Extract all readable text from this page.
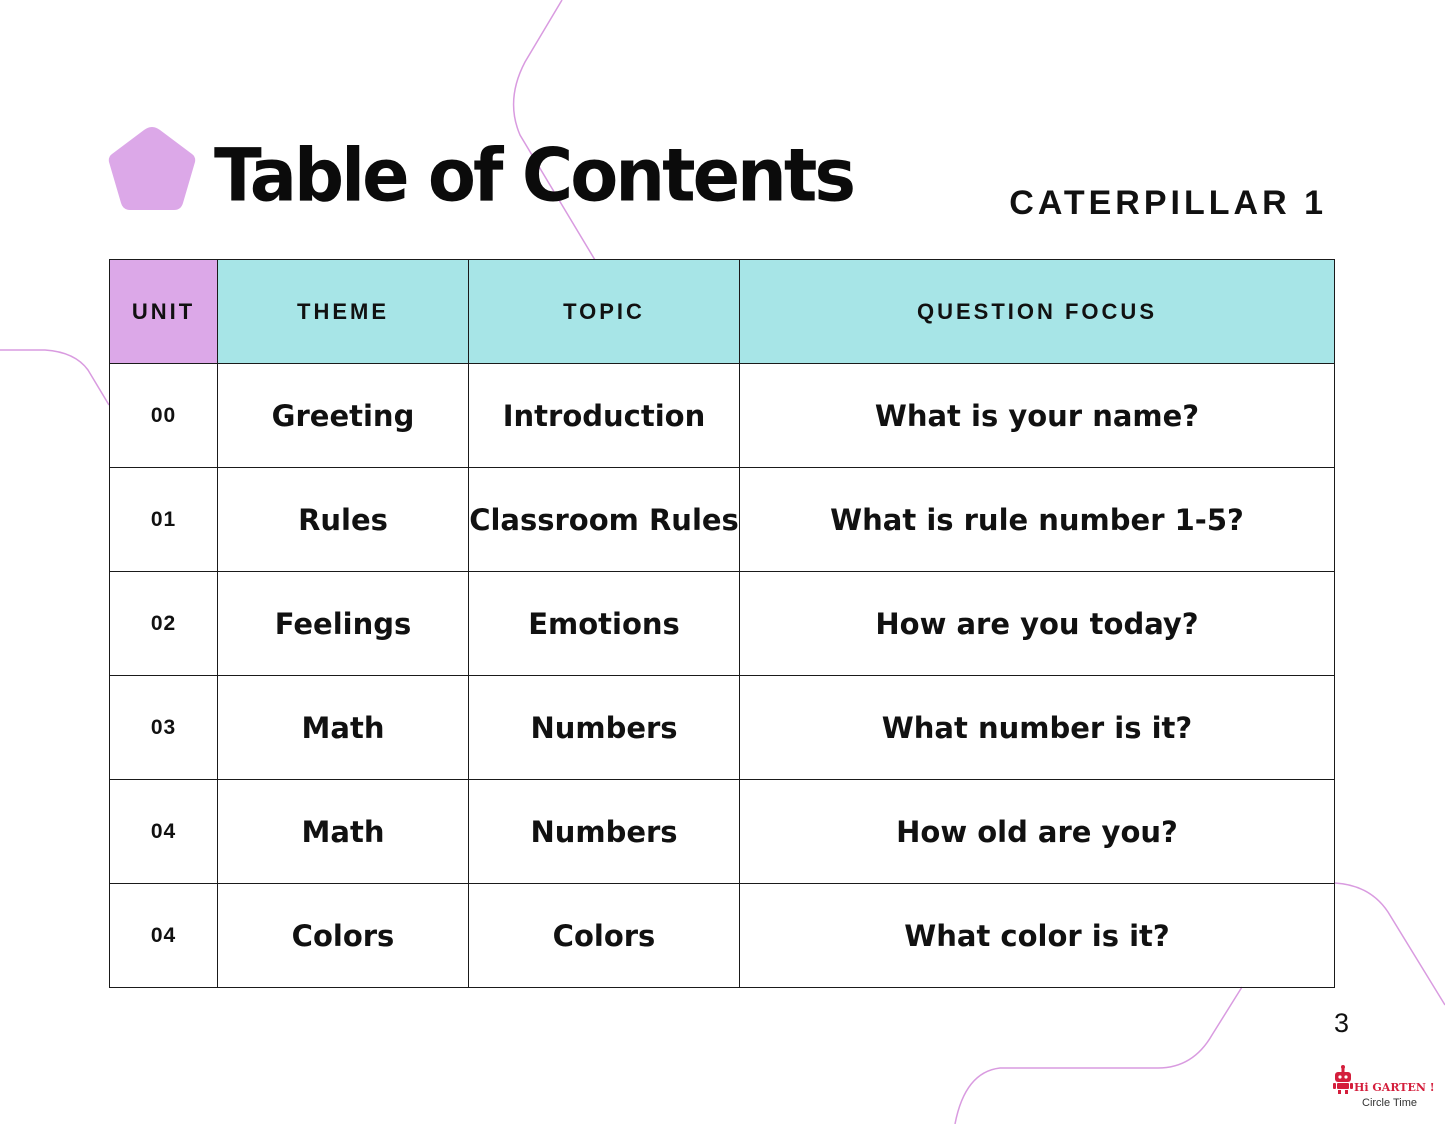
Table of Contents	CATERPILLAR 1
UNIT	THEME	TOPIC	QUESTION FOCUS
00	Greeting	Introduction	What is your name?
01	Rules	Classroom Rules	What is rule number 1-5?
02	Feelings	Emotions	How are you today?
03	Math	Numbers	What number is it?
04	Math	Numbers	How old are you?
04	Colors	Colors	What color is it?
3
Hi GARTEN !
Circle Time
